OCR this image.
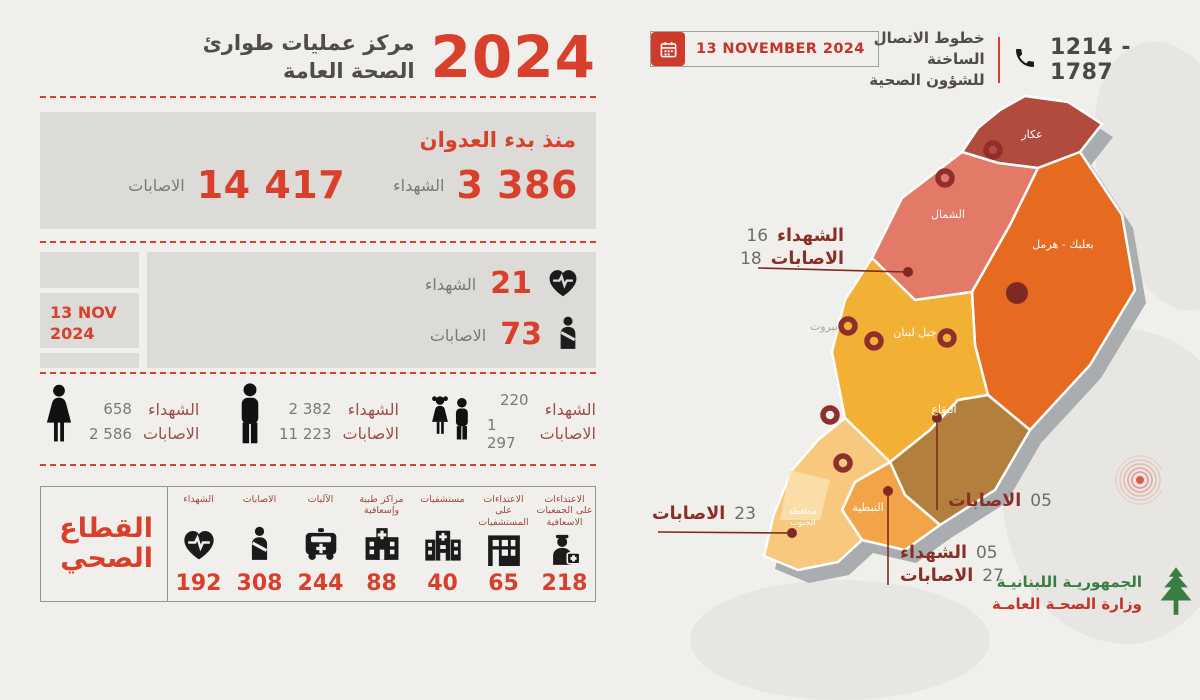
مركز عمليات طوارئ
الصحة العامة 2024
منذ بدء العدوان
الاصابات 14 417	الشهداء 3 386
13 NOV
2024
الشهداء 21
الاصابات 73
658
2 586
الشهداء
الاصابات
2 382
11 223
الشهداء
الاصابات
220
1 297
الشهداء
الاصابات
القطاع
الصحي
الشهداء
192
الاصابات
308
الآليات
244
مراكز طبية وإسعافية
88
مستشفيات
40
الاعتداءات على المستشفيات
65
الاعتداءات على الجمعيات الاسعافية
218
13 NOVEMBER 2024
خطوط الاتصال الساخنة
للشؤون الصحية
1214 - 1787
عكار
الشمال
بعلبك - هرمل
جبل لبنان
البقاع
النبطية
محافظة
الجنوب
بيروت
16 الشهداء
18 الاصابات
الاصابات 23
الاصابات 05
الشهداء 05
الاصابات 27
الجمهوريـة اللبنانيـة
وزارة الصحـة العامـة
